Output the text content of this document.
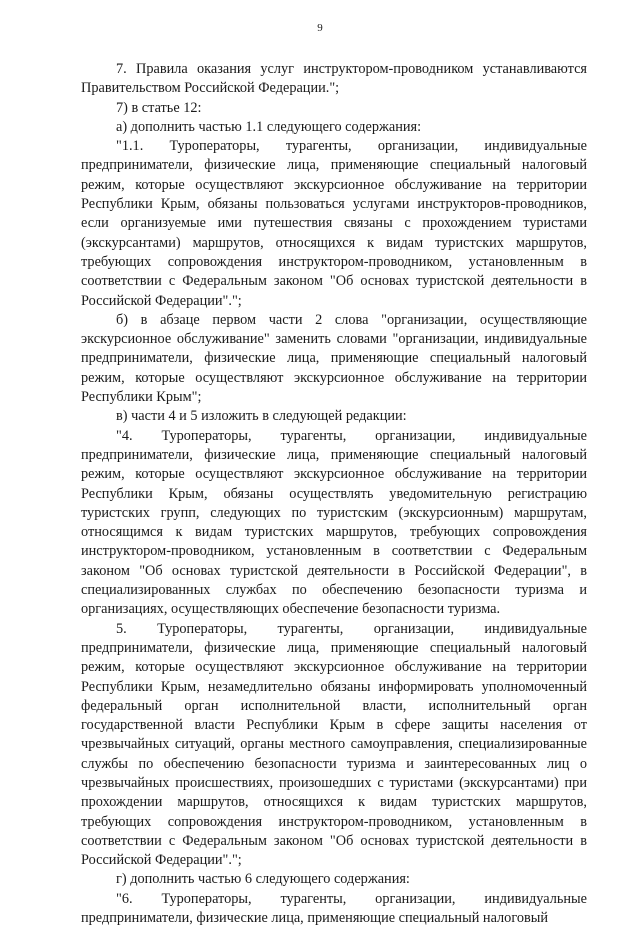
9

7. Правила оказания услуг инструктором-проводником устанавливаются Правительством Российской Федерации.";

7) в статье 12:

а) дополнить частью 1.1 следующего содержания:

"1.1. Туроператоры, турагенты, организации, индивидуальные предприниматели, физические лица, применяющие специальный налоговый режим, которые осуществляют экскурсионное обслуживание на территории Республики Крым, обязаны пользоваться услугами инструкторов-проводников, если организуемые ими путешествия связаны с прохождением туристами (экскурсантами) маршрутов, относящихся к видам туристских маршрутов, требующих сопровождения инструктором-проводником, установленным в соответствии с Федеральным законом "Об основах туристской деятельности в Российской Федерации".";

б) в абзаце первом части 2 слова "организации, осуществляющие экскурсионное обслуживание" заменить словами "организации, индивидуальные предприниматели, физические лица, применяющие специальный налоговый режим, которые осуществляют экскурсионное обслуживание на территории Республики Крым";

в) части 4 и 5 изложить в следующей редакции:

"4. Туроператоры, турагенты, организации, индивидуальные предприниматели, физические лица, применяющие специальный налоговый режим, которые осуществляют экскурсионное обслуживание на территории Республики Крым, обязаны осуществлять уведомительную регистрацию туристских групп, следующих по туристским (экскурсионным) маршрутам, относящимся к видам туристских маршрутов, требующих сопровождения инструктором-проводником, установленным в соответствии с Федеральным законом "Об основах туристской деятельности в Российской Федерации", в специализированных службах по обеспечению безопасности туризма и организациях, осуществляющих обеспечение безопасности туризма.

5. Туроператоры, турагенты, организации, индивидуальные предприниматели, физические лица, применяющие специальный налоговый режим, которые осуществляют экскурсионное обслуживание на территории Республики Крым, незамедлительно обязаны информировать уполномоченный федеральный орган исполнительной власти, исполнительный орган государственной власти Республики Крым в сфере защиты населения от чрезвычайных ситуаций, органы местного самоуправления, специализированные службы по обеспечению безопасности туризма и заинтересованных лиц о чрезвычайных происшествиях, произошедших с туристами (экскурсантами) при прохождении маршрутов, относящихся к видам туристских маршрутов, требующих сопровождения инструктором-проводником, установленным в соответствии с Федеральным законом "Об основах туристской деятельности в Российской Федерации".";

г) дополнить частью 6 следующего содержания:

"6. Туроператоры, турагенты, организации, индивидуальные предприниматели, физические лица, применяющие специальный налоговый
